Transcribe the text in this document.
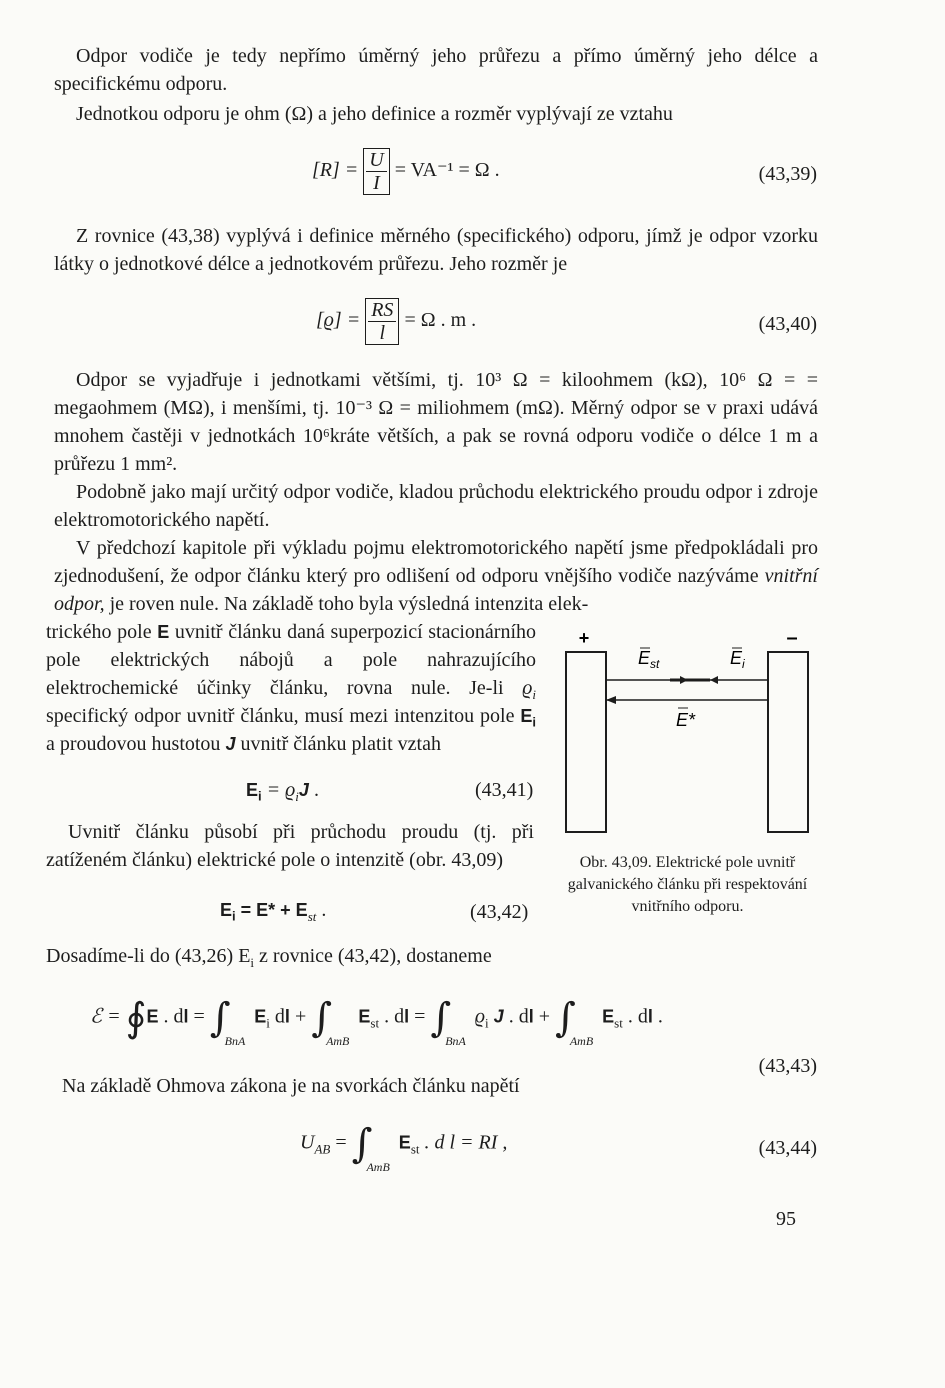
Odpor vodiče je tedy nepřímo úměrný jeho průřezu a přímo úměrný jeho délce a specifickému odporu.

Jednotkou odporu je ohm (Ω) a jeho definice a rozměr vyplývají ze vztahu

$[R] = \frac{U}{I} = VA^{-1} = \Omega$ .	(43,39)

Z rovnice (43,38) vyplývá i definice měrného (specifického) odporu, jímž je odpor vzorku látky o jednotkové délce a jednotkovém průřezu. Jeho rozměr je

$[ϱ] = \frac{RS}{l} = \Omega$ . m .	(43,40)

Odpor se vyjadřuje i jednotkami většími, tj. 10³ Ω = kiloohmem (kΩ), 10⁶ Ω = = megaohmem (MΩ), i menšími, tj. 10⁻³ Ω = miliohmem (mΩ). Měrný odpor se v praxi udává mnohem častěji v jednotkách 10⁶kráte větších, a pak se rovná odporu vodiče o délce 1 m a průřezu 1 mm².

Podobně jako mají určitý odpor vodiče, kladou průchodu elektrického proudu odpor i zdroje elektromotorického napětí.

V předchozí kapitole při výkladu pojmu elektromotorického napětí jsme předpokládali pro zjednodušení, že odpor článku který pro odlišení od odporu vnějšího vodiče nazýváme vnitřní odpor, je roven nule. Na základě toho byla výsledná intenzita elek-

trického pole E uvnitř článku daná superpozicí stacionárního pole elektrických nábojů a pole nahrazujícího elektrochemické účinky článku, rovna nule. Je-li $ϱ_i$ specifický odpor uvnitř článku, musí mezi intenzitou pole $E_i$ a proudovou hustotou J uvnitř článku platit vztah

$E_i = ϱ_iJ$ .	(43,41)

Uvnitř článku působí při průchodu proudu (tj. při zatíženém článku) elektrické pole o intenzitě (obr. 43,09)

$E_i = E* + E_{st}$ .	(43,42)
+	–
$E_{st}$	$E_i$
E*
Obr. 43,09. Elektrické pole uvnitř galvanického článku při respektování vnitřního odporu.

Dosadíme-li do (43,26) $E_i$ z rovnice (43,42), dostaneme

ℰ = ∮E . dl = $\int_{BnA}$ $E_i$ dl + $\int_{AmB}$ $E_{st}$ . dl = $\int_{BnA}$ $ϱ_i$ J . dl + $\int_{AmB}$ $E_{st}$ . dl .
(43,43)

Na základě Ohmova zákona je na svorkách článku napětí

$U_{AB} = \int_{AmB}$ $E_{st}$ . d l = RI ,	(43,44)
95
